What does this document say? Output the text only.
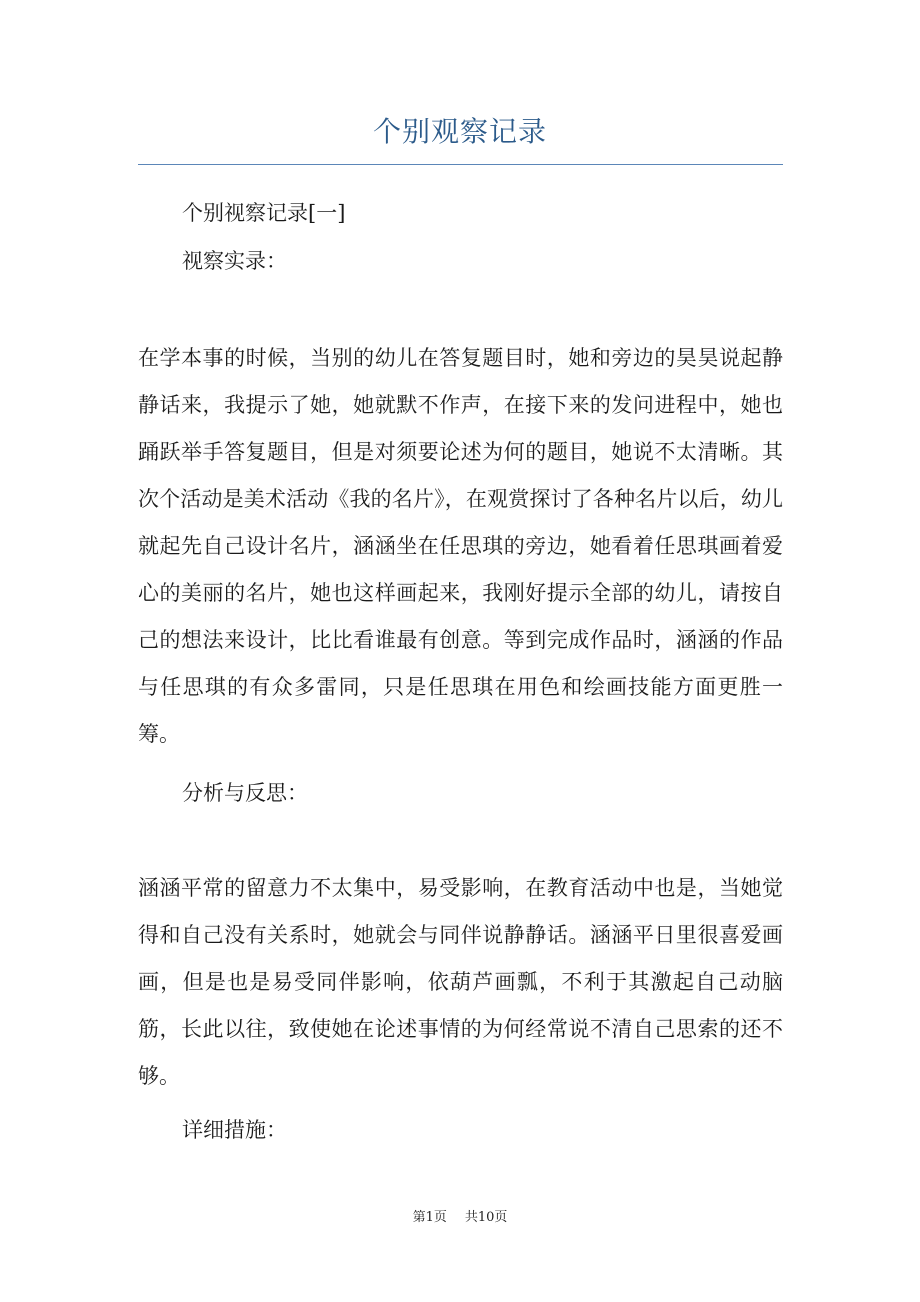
个别观察记录
个别视察记录[一]
视察实录：
在学本事的时候，当别的幼儿在答复题目时，她和旁边的昊昊说起静静话来，我提示了她，她就默不作声，在接下来的发问进程中，她也踊跃举手答复题目，但是对须要论述为何的题目，她说不太清晰。其次个活动是美术活动《我的名片》，在观赏探讨了各种名片以后，幼儿就起先自己设计名片，涵涵坐在任思琪的旁边，她看着任思琪画着爱心的美丽的名片，她也这样画起来，我刚好提示全部的幼儿，请按自己的想法来设计，比比看谁最有创意。等到完成作品时，涵涵的作品与任思琪的有众多雷同，只是任思琪在用色和绘画技能方面更胜一筹。
分析与反思：
涵涵平常的留意力不太集中，易受影响，在教育活动中也是，当她觉得和自己没有关系时，她就会与同伴说静静话。涵涵平日里很喜爱画画，但是也是易受同伴影响，依葫芦画瓢，不利于其激起自己动脑筋，长此以往，致使她在论述事情的为何经常说不清自己思索的还不够。
详细措施：
第1页 共10页
